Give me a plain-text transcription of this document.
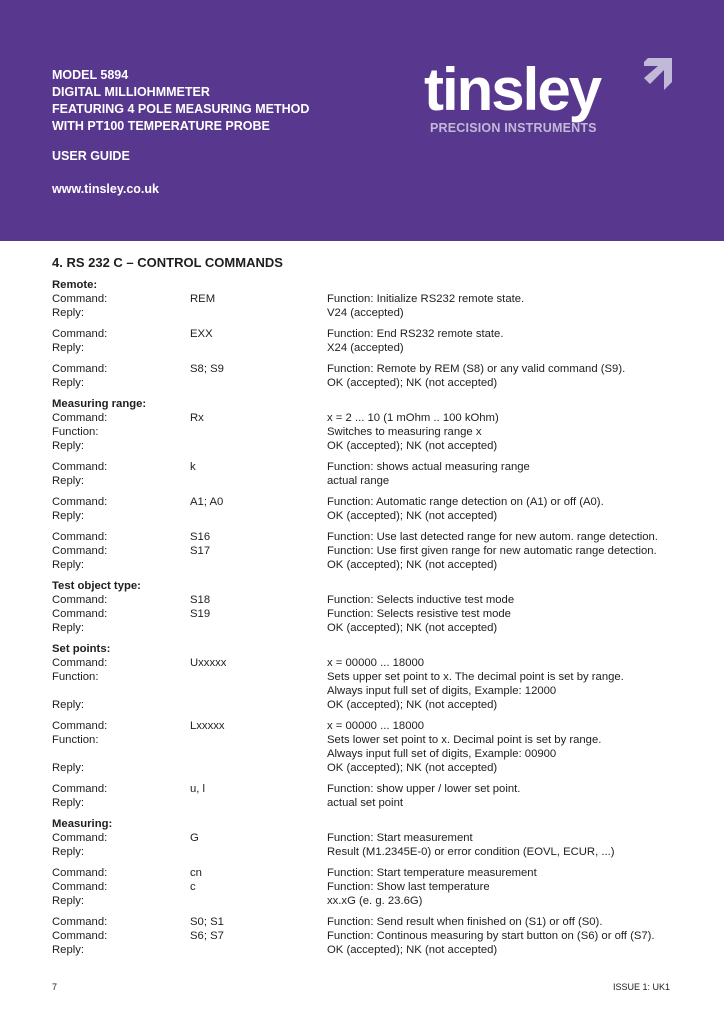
MODEL 5894
DIGITAL MILLIOHMMETER
FEATURING 4 POLE MEASURING METHOD
WITH PT100 TEMPERATURE PROBE
USER GUIDE
www.tinsley.co.uk
tinsley
PRECISION INSTRUMENTS
4. RS 232 C – CONTROL COMMANDS
Remote:
Command:	REM	Function: Initialize RS232 remote state.
Reply:	V24 (accepted)
Command:	EXX	Function: End RS232 remote state.
Reply:	X24 (accepted)
Command:	S8; S9	Function: Remote by REM (S8) or any valid command (S9).
Reply:	OK (accepted); NK (not accepted)
Measuring range:
Command:	Rx	x = 2 ... 10 (1 mOhm .. 100 kOhm)
Function:	Switches to measuring range x
Reply:	OK (accepted); NK (not accepted)
Command:	k	Function: shows actual measuring range
Reply:	actual range
Command:	A1; A0	Function: Automatic range detection on (A1) or off (A0).
Reply:	OK (accepted); NK (not accepted)
Command:	S16	Function: Use last detected range for new autom. range detection.
Command:	S17	Function: Use first given range for new automatic range detection.
Reply:	OK (accepted); NK (not accepted)
Test object type:
Command:	S18	Function: Selects inductive test mode
Command:	S19	Function: Selects resistive test mode
Reply:	OK (accepted); NK (not accepted)
Set points:
Command:	Uxxxxx	x = 00000 ... 18000
Function:	Sets upper set point to x. The decimal point is set by range.
Always input full set of digits, Example: 12000
Reply:	OK (accepted); NK (not accepted)
Command:	Lxxxxx	x = 00000 ... 18000
Function:	Sets lower set point to x. Decimal point is set by range.
Always input full set of digits, Example: 00900
Reply:	OK (accepted); NK (not accepted)
Command:	u, l	Function: show upper / lower set point.
Reply:	actual set point
Measuring:
Command:	G	Function: Start measurement
Reply:	Result (M1.2345E-0) or error condition (EOVL, ECUR, ...)
Command:	cn	Function: Start temperature measurement
Command:	c	Function: Show last temperature
Reply:	xx.xG (e. g. 23.6G)
Command:	S0; S1	Function: Send result when finished on (S1) or off (S0).
Command:	S6; S7	Function: Continous measuring by start button on (S6) or off (S7).
Reply:	OK (accepted); NK (not accepted)
7	ISSUE 1: UK1
